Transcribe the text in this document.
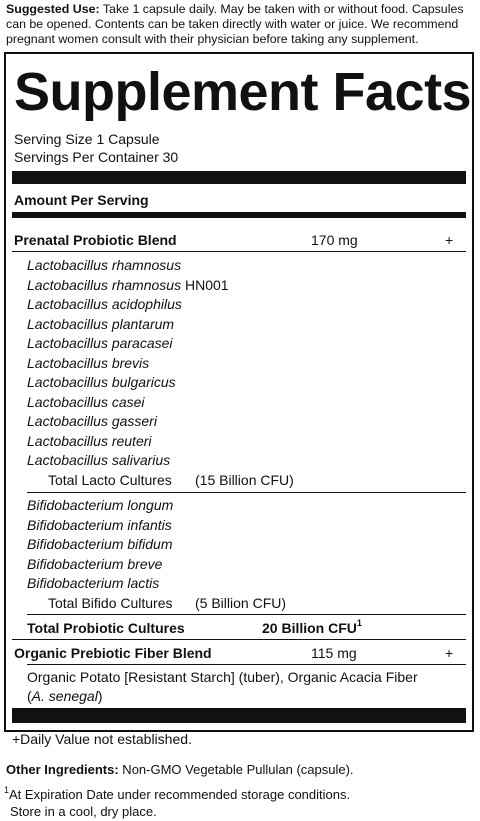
Suggested Use: Take 1 capsule daily. May be taken with or without food. Capsules
can be opened. Contents can be taken directly with water or juice. We recommend
pregnant women consult with their physician before taking any supplement.
Supplement Facts
Serving Size 1 Capsule
Servings Per Container 30
Amount Per Serving
Prenatal Probiotic Blend	170 mg	+
Lactobacillus rhamnosus
Lactobacillus rhamnosus HN001
Lactobacillus acidophilus
Lactobacillus plantarum
Lactobacillus paracasei
Lactobacillus brevis
Lactobacillus bulgaricus
Lactobacillus casei
Lactobacillus gasseri
Lactobacillus reuteri
Lactobacillus salivarius
Total Lacto Cultures (15 Billion CFU)
Bifidobacterium longum
Bifidobacterium infantis
Bifidobacterium bifidum
Bifidobacterium breve
Bifidobacterium lactis
Total Bifido Cultures (5 Billion CFU)
Total Probiotic Cultures	20 Billion CFU$^1$
Organic Prebiotic Fiber Blend	115 mg	+
Organic Potato [Resistant Starch] (tuber), Organic Acacia Fiber
(A. senegal)
+Daily Value not established.
Other Ingredients: Non-GMO Vegetable Pullulan (capsule).
$^1$At Expiration Date under recommended storage conditions.
Store in a cool, dry place.
